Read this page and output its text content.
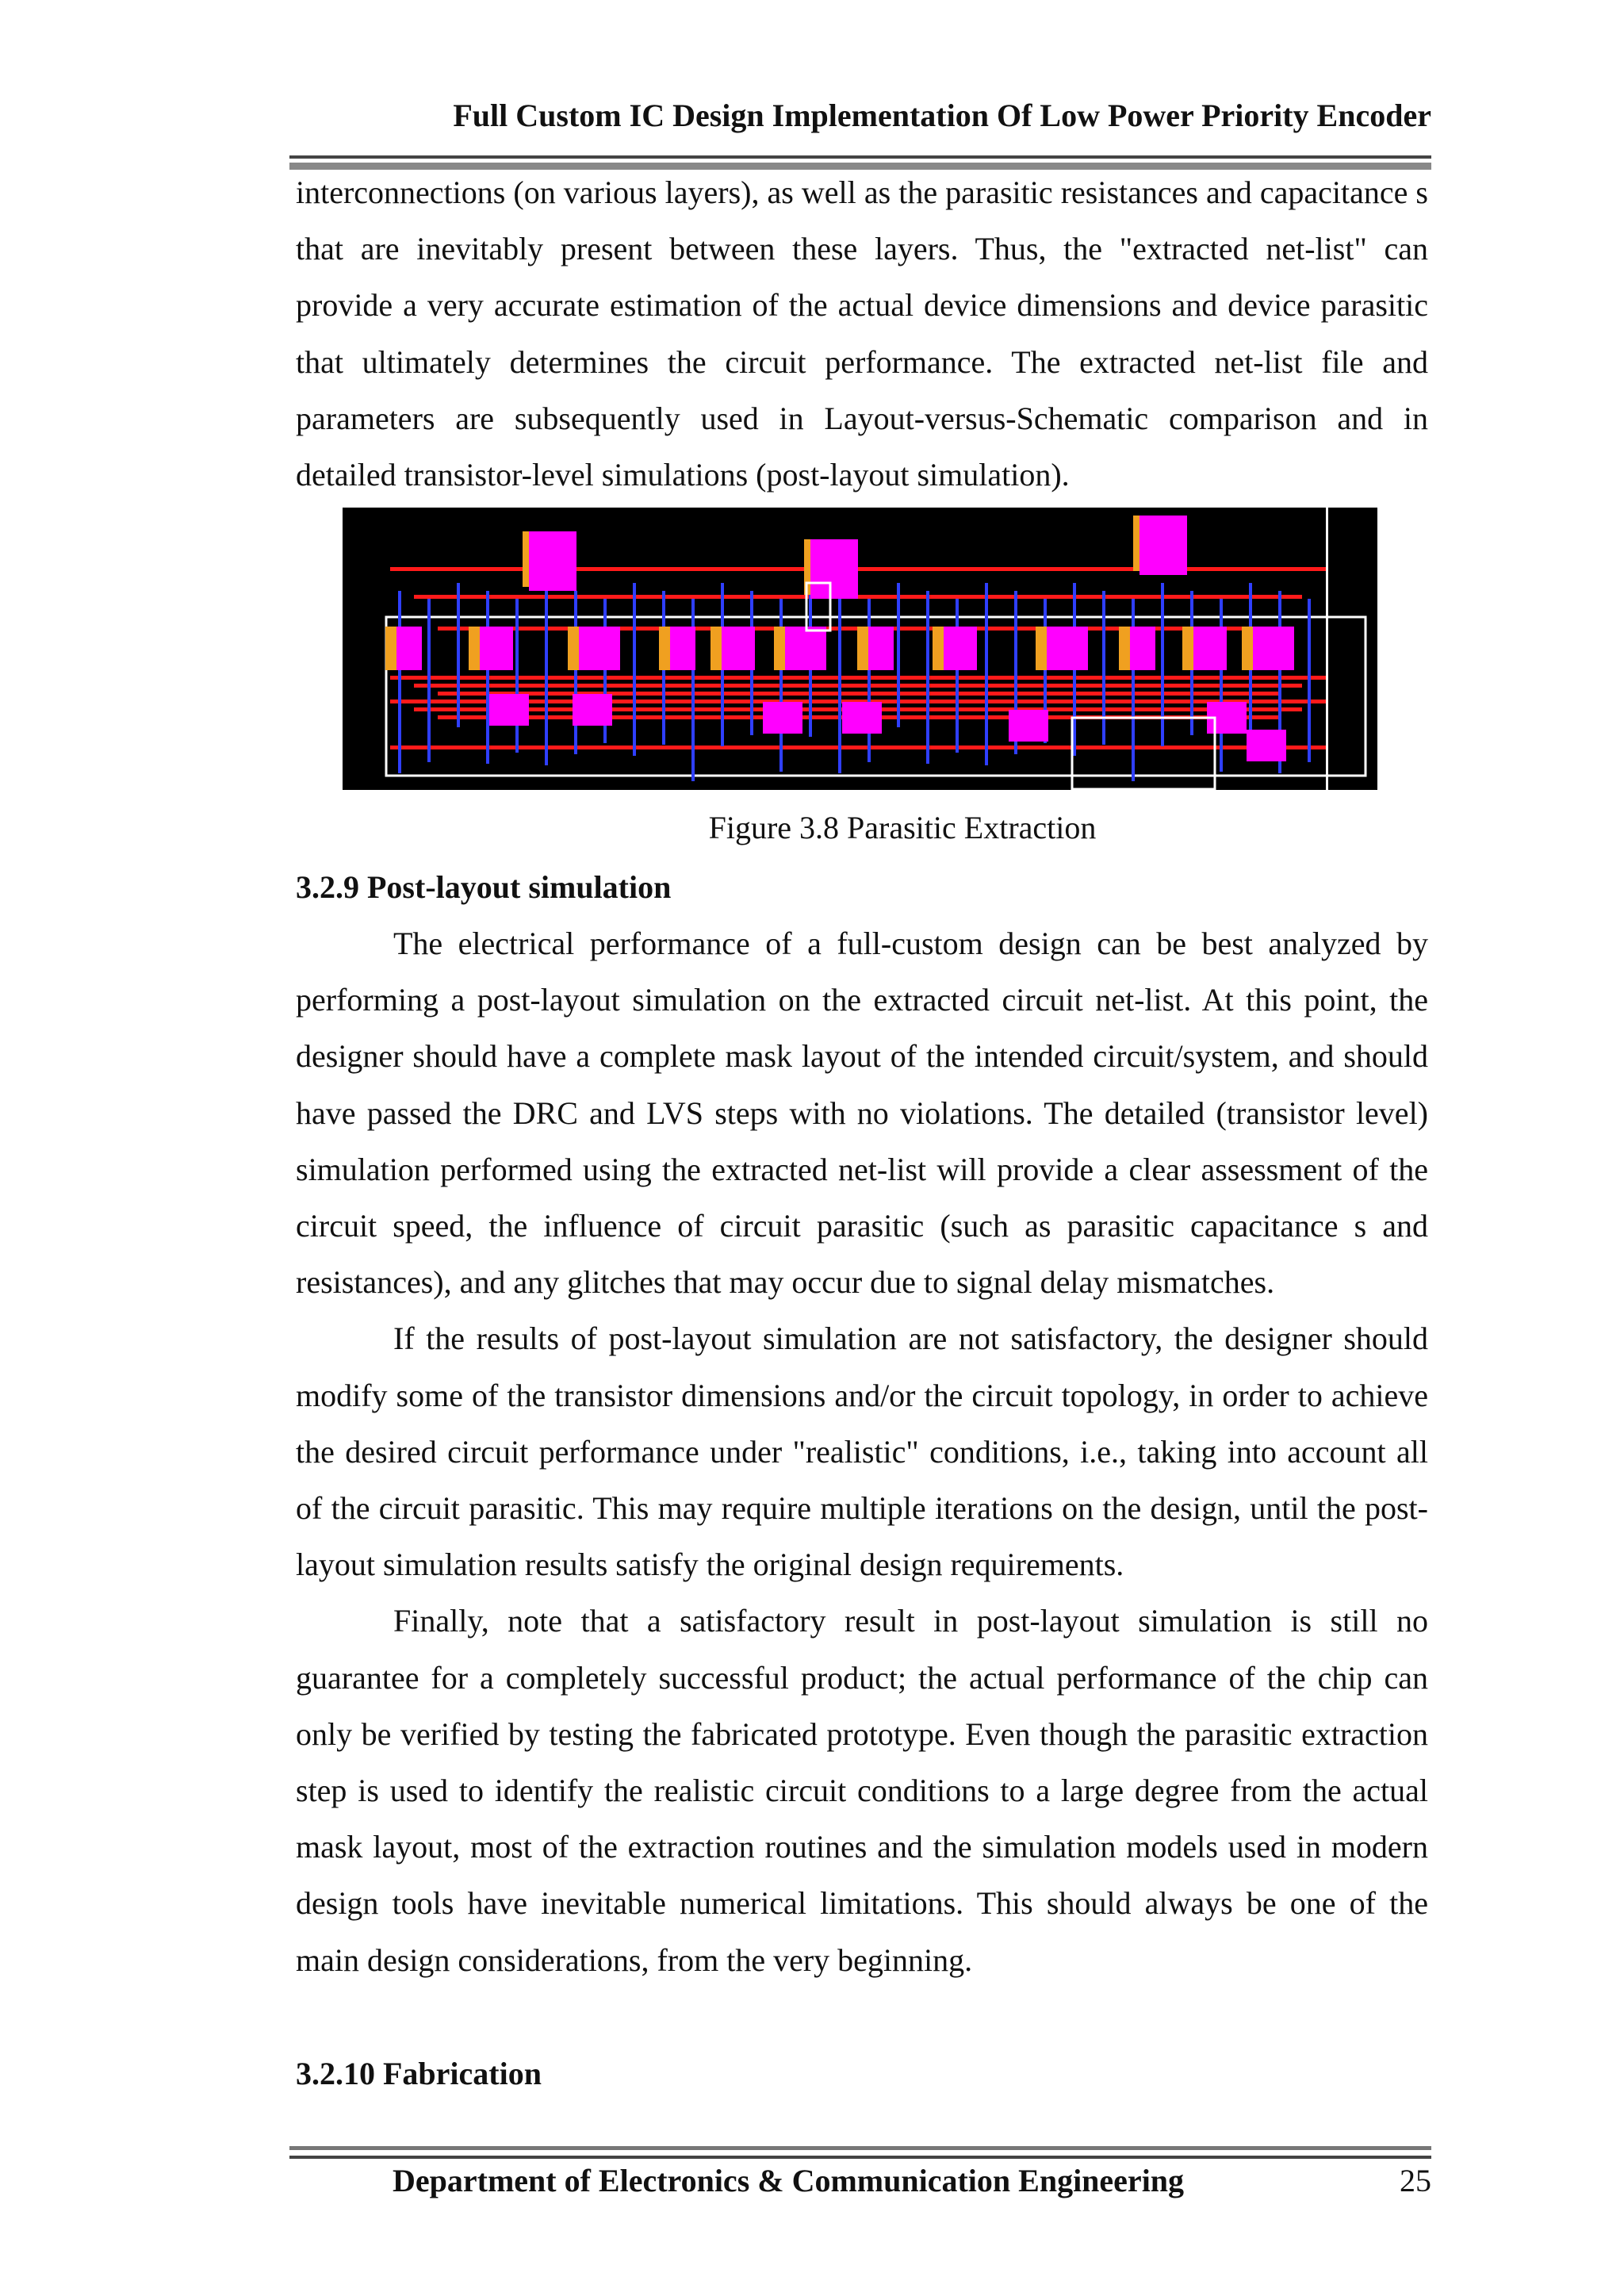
Full Custom IC Design Implementation Of Low Power Priority Encoder

interconnections (on various layers), as well as the parasitic resistances and capacitance s that are inevitably present between these layers. Thus, the "extracted net-list" can provide a very accurate estimation of the actual device dimensions and device parasitic that ultimately determines the circuit performance. The extracted net-list file and parameters are subsequently used in Layout-versus-Schematic comparison and in detailed transistor-level simulations (post-layout simulation).

Figure 3.8 Parasitic Extraction
3.2.9 Post-layout simulation

The electrical performance of a full-custom design can be best analyzed by performing a post-layout simulation on the extracted circuit net-list. At this point, the designer should have a complete mask layout of the intended circuit/system, and should have passed the DRC and LVS steps with no violations. The detailed (transistor level) simulation performed using the extracted net-list will provide a clear assessment of the circuit speed, the influence of circuit parasitic (such as parasitic capacitance s and resistances), and any glitches that may occur due to signal delay mismatches.

If the results of post-layout simulation are not satisfactory, the designer should modify some of the transistor dimensions and/or the circuit topology, in order to achieve the desired circuit performance under "realistic" conditions, i.e., taking into account all of the circuit parasitic. This may require multiple iterations on the design, until the post-layout simulation results satisfy the original design requirements.

Finally, note that a satisfactory result in post-layout simulation is still no guarantee for a completely successful product; the actual performance of the chip can only be verified by testing the fabricated prototype. Even though the parasitic extraction step is used to identify the realistic circuit conditions to a large degree from the actual mask layout, most of the extraction routines and the simulation models used in modern design tools have inevitable numerical limitations. This should always be one of the main design considerations, from the very beginning.

3.2.10 Fabrication
Department of Electronics & Communication Engineering	25
